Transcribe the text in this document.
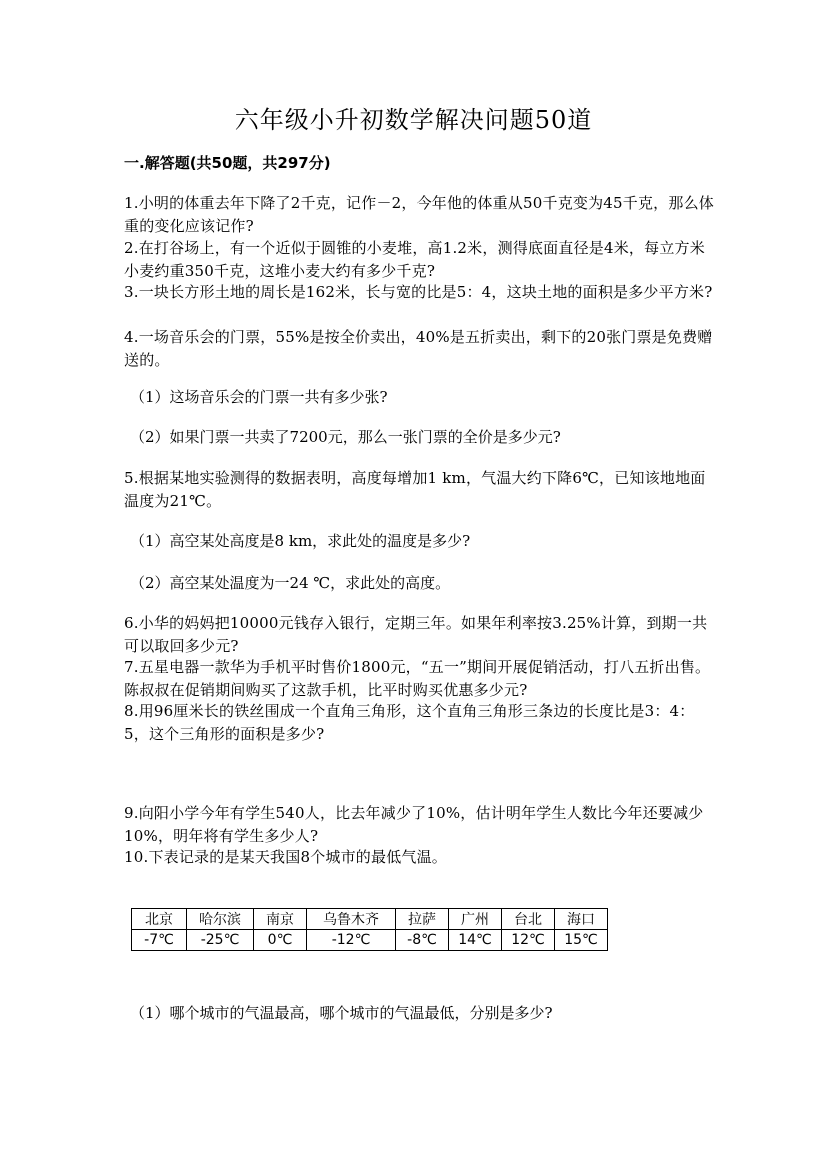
六年级小升初数学解决问题50道
一.解答题(共50题，共297分)
1.小明的体重去年下降了2千克，记作－2，今年他的体重从50千克变为45千克，那么体重的变化应该记作?
2.在打谷场上，有一个近似于圆锥的小麦堆，高1.2米，测得底面直径是4米，每立方米小麦约重350千克，这堆小麦大约有多少千克?
3.一块长方形土地的周长是162米，长与宽的比是5：4，这块土地的面积是多少平方米?
4.一场音乐会的门票，55%是按全价卖出，40%是五折卖出，剩下的20张门票是免费赠送的。
（1）这场音乐会的门票一共有多少张?
（2）如果门票一共卖了7200元，那么一张门票的全价是多少元?
5.根据某地实验测得的数据表明，高度每增加1 km，气温大约下降6℃，已知该地地面温度为21℃。
（1）高空某处高度是8 km，求此处的温度是多少?
（2）高空某处温度为一24 ℃，求此处的高度。
6.小华的妈妈把10000元钱存入银行，定期三年。如果年利率按3.25%计算，到期一共可以取回多少元?
7.五星电器一款华为手机平时售价1800元，“五一”期间开展促销活动，打八五折出售。陈叔叔在促销期间购买了这款手机，比平时购买优惠多少元?
8.用96厘米长的铁丝围成一个直角三角形，这个直角三角形三条边的长度比是3：4：5，这个三角形的面积是多少?
9.向阳小学今年有学生540人，比去年减少了10%，估计明年学生人数比今年还要减少10%，明年将有学生多少人?
10.下表记录的是某天我国8个城市的最低气温。
北京	哈尔滨	南京	乌鲁木齐	拉萨	广州	台北	海口
-7℃	-25℃	0℃	-12℃	-8℃	14℃	12℃	15℃
（1）哪个城市的气温最高，哪个城市的气温最低，分别是多少?
